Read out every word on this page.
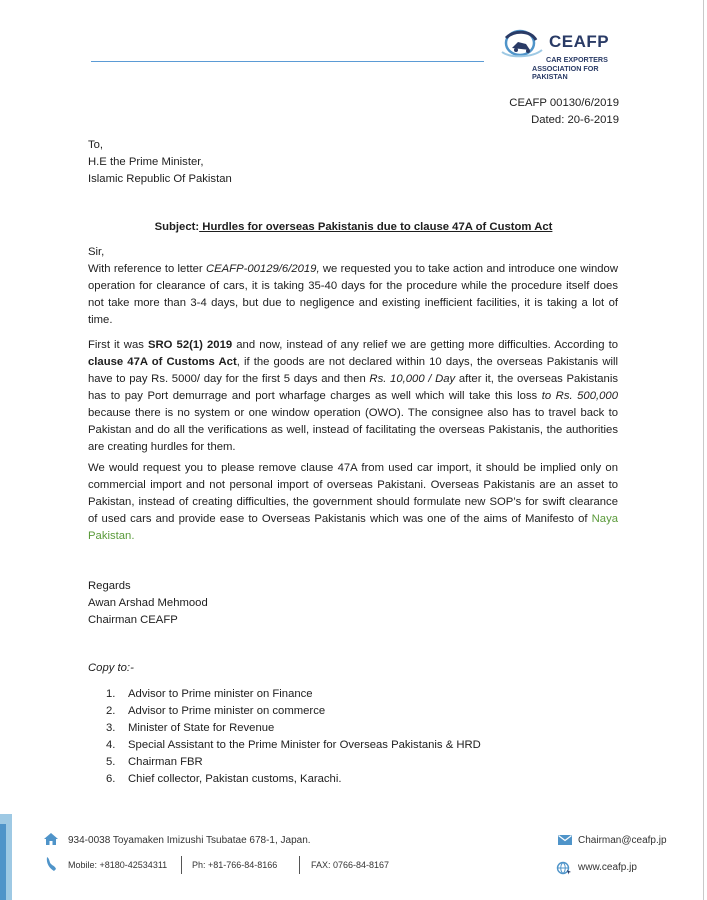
CEAFP
CAR EXPORTERS
ASSOCIATION FOR PAKISTAN
CEAFP 00130/6/2019
Dated: 20-6-2019
To,
H.E the Prime Minister,
Islamic Republic Of Pakistan
Subject: Hurdles for overseas Pakistanis due to clause 47A of Custom Act
Sir,
With reference to letter CEAFP-00129/6/2019, we requested you to take action and introduce one window operation for clearance of cars, it is taking 35-40 days for the procedure while the procedure itself does not take more than 3-4 days, but due to negligence and existing inefficient facilities, it is taking a lot of time.
First it was SRO 52(1) 2019 and now, instead of any relief we are getting more difficulties. According to clause 47A of Customs Act, if the goods are not declared within 10 days, the overseas Pakistanis will have to pay Rs. 5000/ day for the first 5 days and then Rs. 10,000 / Day after it, the overseas Pakistanis has to pay Port demurrage and port wharfage charges as well which will take this loss to Rs. 500,000 because there is no system or one window operation (OWO). The consignee also has to travel back to Pakistan and do all the verifications as well, instead of facilitating the overseas Pakistanis, the authorities are creating hurdles for them.
We would request you to please remove clause 47A from used car import, it should be implied only on commercial import and not personal import of overseas Pakistani. Overseas Pakistanis are an asset to Pakistan, instead of creating difficulties, the government should formulate new SOP’s for swift clearance of used cars and provide ease to Overseas Pakistanis which was one of the aims of Manifesto of Naya Pakistan.
Regards
Awan Arshad Mehmood
Chairman CEAFP
Copy to:-
1.	Advisor to Prime minister on Finance
2.	Advisor to Prime minister on commerce
3.	Minister of State for Revenue
4.	Special Assistant to the Prime Minister for Overseas Pakistanis & HRD
5.	Chairman FBR
6.	Chief collector, Pakistan customs, Karachi.
934-0038 Toyamaken Imizushi Tsubatae 678-1, Japan.
Mobile: +8180-42534311	Ph: +81-766-84-8166	FAX: 0766-84-8167
Chairman@ceafp.jp
www.ceafp.jp
